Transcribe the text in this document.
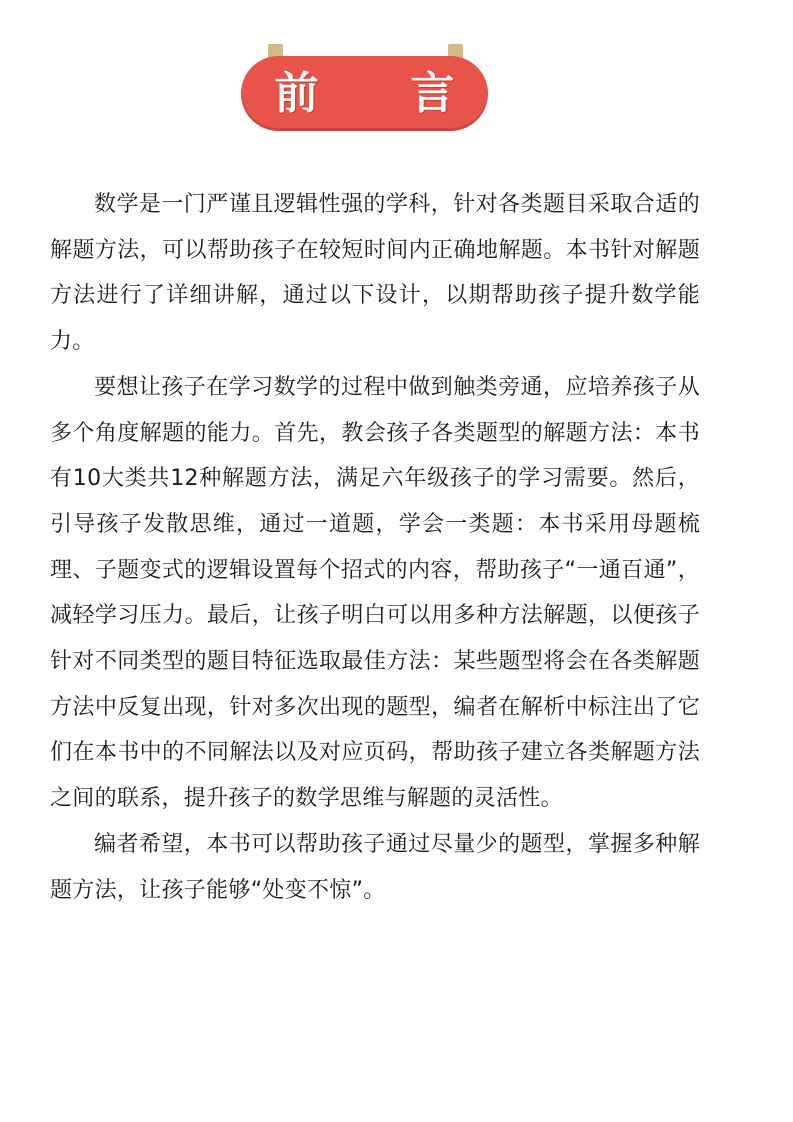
前 言

数学是一门严谨且逻辑性强的学科，针对各类题目采取合适的解题方法，可以帮助孩子在较短时间内正确地解题。本书针对解题方法进行了详细讲解，通过以下设计，以期帮助孩子提升数学能力。

要想让孩子在学习数学的过程中做到触类旁通，应培养孩子从多个角度解题的能力。首先，教会孩子各类题型的解题方法：本书有10大类共12种解题方法，满足六年级孩子的学习需要。然后，引导孩子发散思维，通过一道题，学会一类题：本书采用母题梳理、子题变式的逻辑设置每个招式的内容，帮助孩子“一通百通”，减轻学习压力。最后，让孩子明白可以用多种方法解题，以便孩子针对不同类型的题目特征选取最佳方法：某些题型将会在各类解题方法中反复出现，针对多次出现的题型，编者在解析中标注出了它们在本书中的不同解法以及对应页码，帮助孩子建立各类解题方法之间的联系，提升孩子的数学思维与解题的灵活性。

编者希望，本书可以帮助孩子通过尽量少的题型，掌握多种解题方法，让孩子能够“处变不惊”。
